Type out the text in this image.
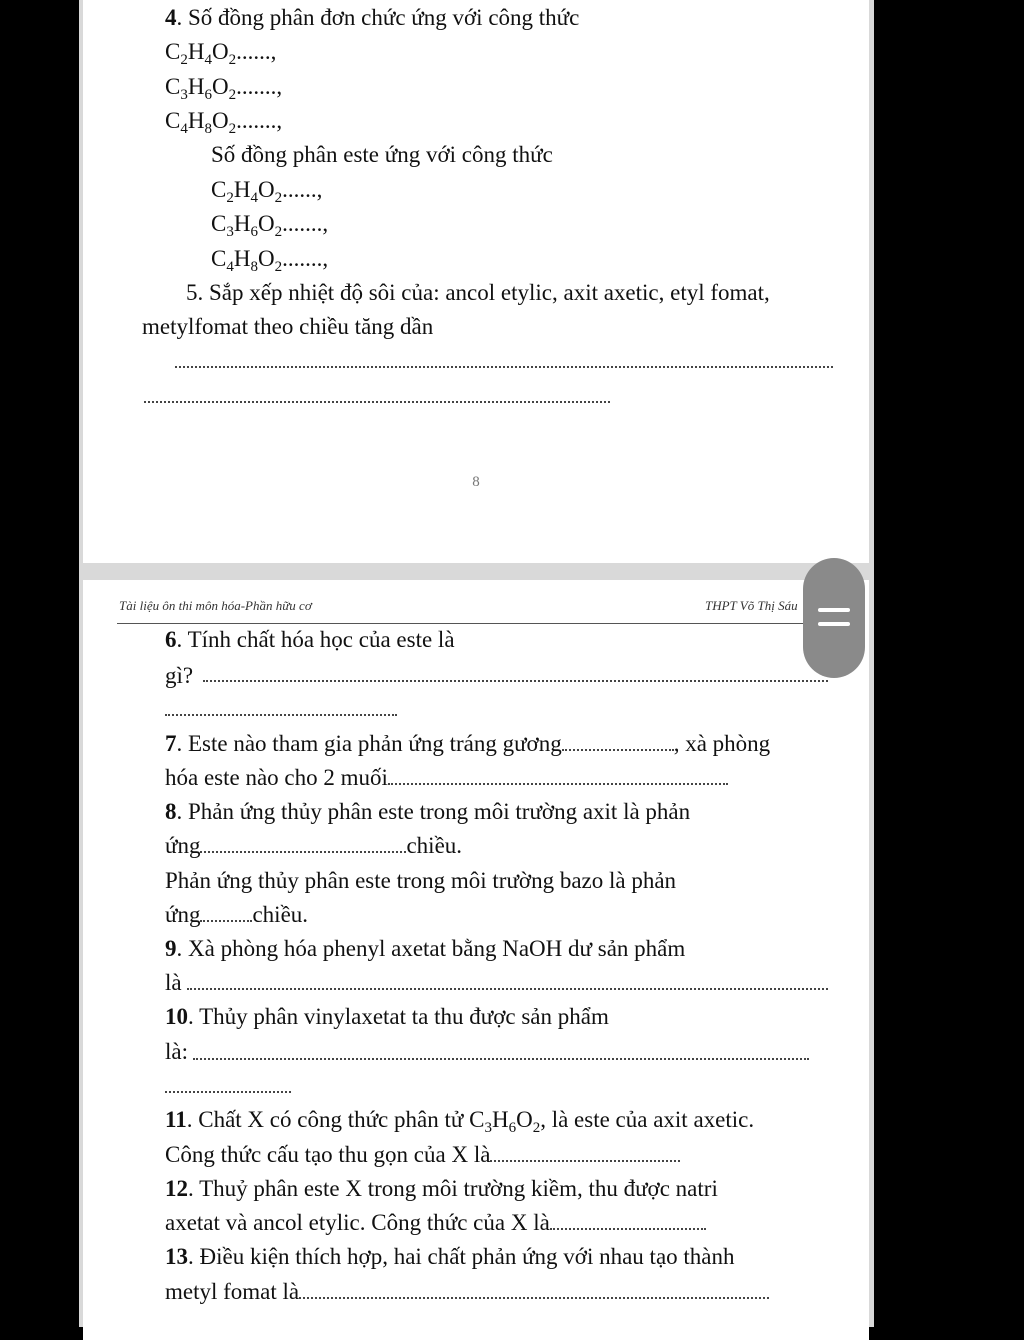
4. Số đồng phân đơn chức ứng với công thức
$C_2H_4O_2$......,
$C_3H_6O_2$.......,
$C_4H_8O_2$.......,
Số đồng phân este ứng với công thức
$C_2H_4O_2$......,
$C_3H_6O_2$.......,
$C_4H_8O_2$.......,
5. Sắp xếp nhiệt độ sôi của: ancol etylic, axit axetic, etyl fomat,
metylfomat theo chiều tăng dần
8
Tài liệu ôn thi môn hóa-Phần hữu cơ	THPT Võ Thị Sáu
6. Tính chất hóa học của este là
gì?
7. Este nào tham gia phản ứng tráng gương	, xà phòng
hóa este nào cho 2 muối
8. Phản ứng thủy phân este trong môi trường axit là phản
ứng	chiều.
Phản ứng thủy phân este trong môi trường bazo là phản
ứng chiều.
9. Xà phòng hóa phenyl axetat bằng NaOH dư sản phẩm
là
10. Thủy phân vinylaxetat ta thu được sản phẩm
là:
11. Chất X có công thức phân tử $C_3H_6O_2$, là este của axit axetic.
Công thức cấu tạo thu gọn của X là
12. Thuỷ phân este X trong môi trường kiềm, thu được natri
axetat và ancol etylic. Công thức của X là
13. Điều kiện thích hợp, hai chất phản ứng với nhau tạo thành
metyl fomat là
